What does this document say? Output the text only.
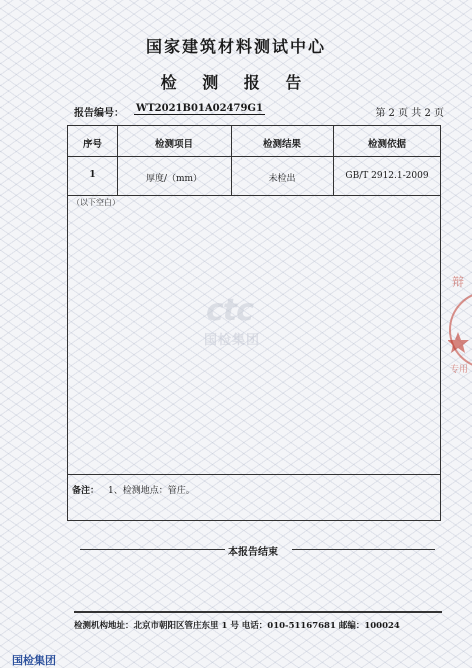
国家建筑材料测试中心
检 测 报 告
报告编号： WT2021B01A02479G1	第 2 页 共 2 页
序号	检测项目	检测结果	检测依据
1	厚度/（mm）	未检出	GB/T 2912.1-2009
（以下空白）
备注： 1、检测地点：管庄。
ctc
国检集团
本报告结束
检测机构地址：北京市朝阳区管庄东里 1 号 电话：010-51167681 邮编：100024
辩
专用
国检集团
